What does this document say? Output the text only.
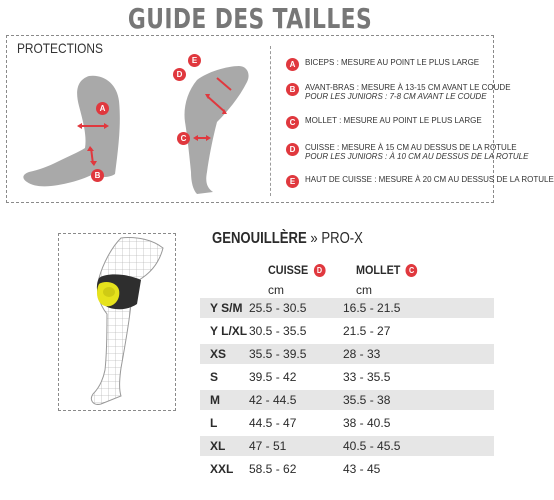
GUIDE DES TAILLES
PROTECTIONS
A
B
E
D
C
A	BICEPS : MESURE AU POINT LE PLUS LARGE
B	AVANT-BRAS : MESURE À 13-15 CM AVANT LE COUDE
POUR LES JUNIORS : 7-8 CM AVANT LE COUDE
C	MOLLET : MESURE AU POINT LE PLUS LARGE
D	CUISSE : MESURE À 15 CM AU DESSUS DE LA ROTULE
POUR LES JUNIORS : À 10 CM AU DESSUS DE LA ROTULE
E	HAUT DE CUISSE : MESURE À 20 CM AU DESSUS DE LA ROTULE
GENOUILLÈRE » PRO-X
CUISSE	D	MOLLET	C
cm	cm
Y S/M 25.5 - 30.5	16.5 - 21.5
Y L/XL 30.5 - 35.5	21.5 - 27
XS	35.5 - 39.5	28 - 33
S	39.5 - 42	33 - 35.5
M	42 - 44.5	35.5 - 38
L	44.5 - 47	38 - 40.5
XL	47 - 51	40.5 - 45.5
XXL	58.5 - 62	43 - 45
